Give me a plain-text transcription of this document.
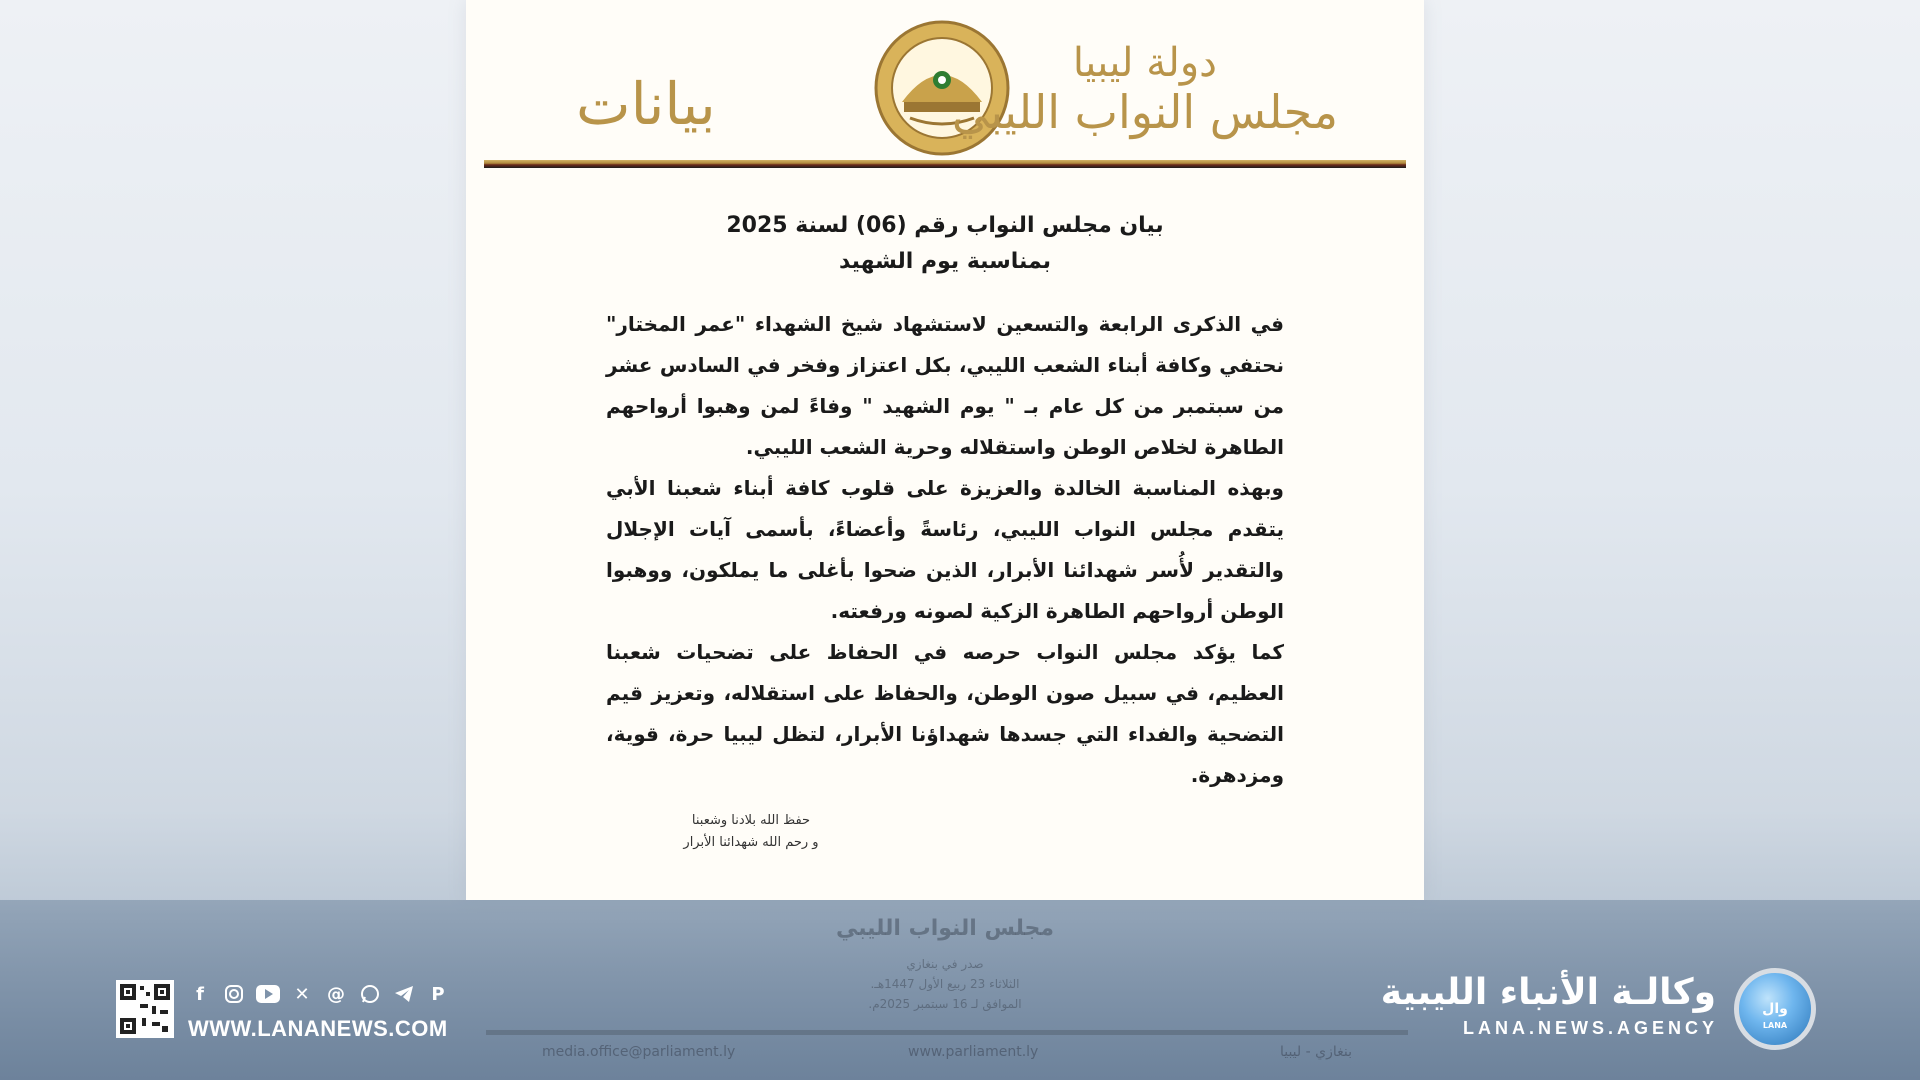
بيانات
دولة ليبيا
مجلس النواب الليبي
بيان مجلس النواب رقم (06) لسنة 2025
بمناسبة يوم الشهيد

في الذكرى الرابعة والتسعين لاستشهاد شيخ الشهداء "عمر المختار" نحتفي وكافة أبناء الشعب الليبي، بكل اعتزاز وفخر في السادس عشر من سبتمبر من كل عام بـ " يوم الشهيد " وفاءً لمن وهبوا أرواحهم الطاهرة لخلاص الوطن واستقلاله وحرية الشعب الليبي.

وبهذه المناسبة الخالدة والعزيزة على قلوب كافة أبناء شعبنا الأبي يتقدم مجلس النواب الليبي، رئاسةً وأعضاءً، بأسمى آيات الإجلال والتقدير لأُسر شهدائنا الأبرار، الذين ضحوا بأغلى ما يملكون، ووهبوا الوطن أرواحهم الطاهرة الزكية لصونه ورفعته.

كما يؤكد مجلس النواب حرصه في الحفاظ على تضحيات شعبنا العظيم، في سبيل صون الوطن، والحفاظ على استقلاله، وتعزيز قيم التضحية والفداء التي جسدها شهداؤنا الأبرار، لتظل ليبيا حرة، قوية، ومزدهرة.

حفظ الله بلادنا وشعبنا
و رحم الله شهدائنا الأبرار
مجلس النواب الليبي
صدر في بنغازي
الثلاثاء 23 ربيع الأول 1447هـ.
الموافق لـ 16 سبتمبر 2025م.
media.office@parliament.ly	www.parliament.ly	بنغازي - ليبيا
f	✕ @	P
WWW.LANANEWS.COM
وكالـة الأنباء الليبية
LANA.NEWS.AGENCY
وال
LANA
